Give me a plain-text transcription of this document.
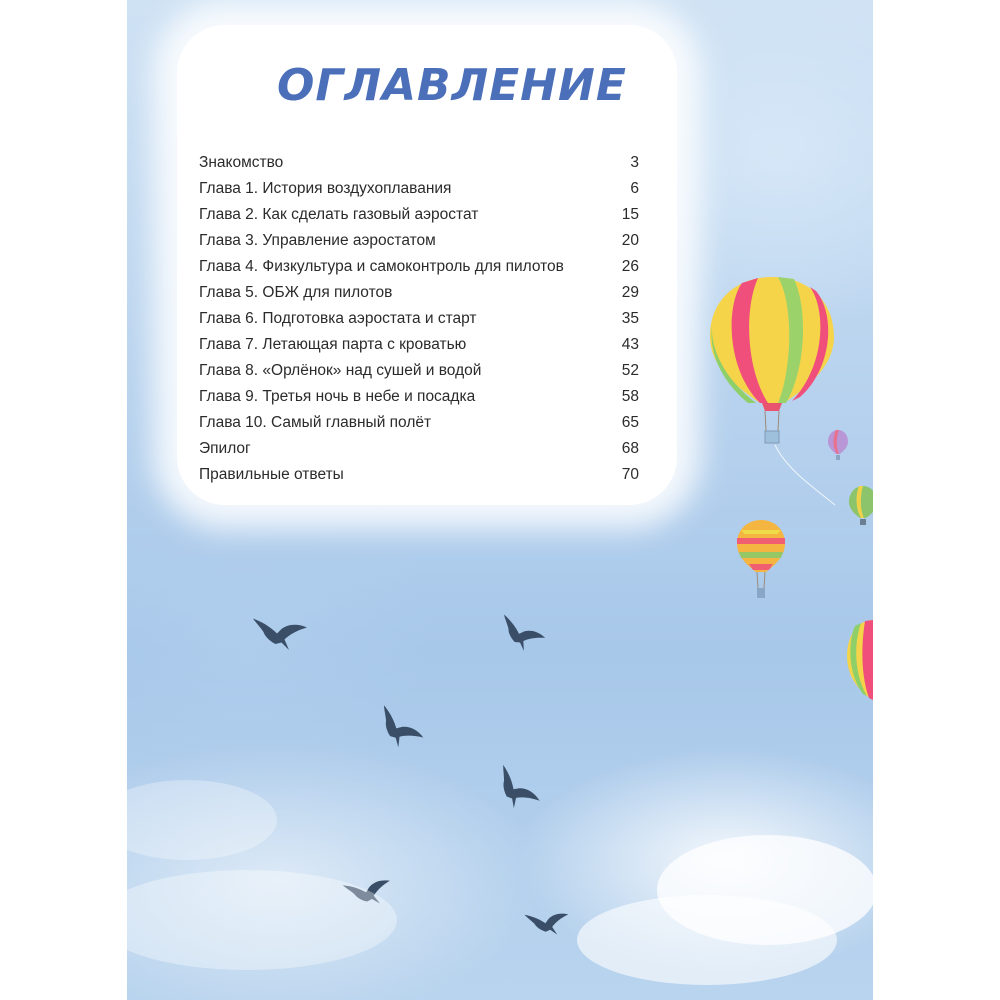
ОГЛАВЛЕНИЕ
Знакомство	3
Глава 1. История воздухоплавания	6
Глава 2. Как сделать газовый аэростат	15
Глава 3. Управление аэростатом	20
Глава 4. Физкультура и самоконтроль для пилотов	26
Глава 5. ОБЖ для пилотов	29
Глава 6. Подготовка аэростата и старт	35
Глава 7. Летающая парта с кроватью	43
Глава 8. «Орлёнок» над сушей и водой	52
Глава 9. Третья ночь в небе и посадка	58
Глава 10. Самый главный полёт	65
Эпилог	68
Правильные ответы	70
